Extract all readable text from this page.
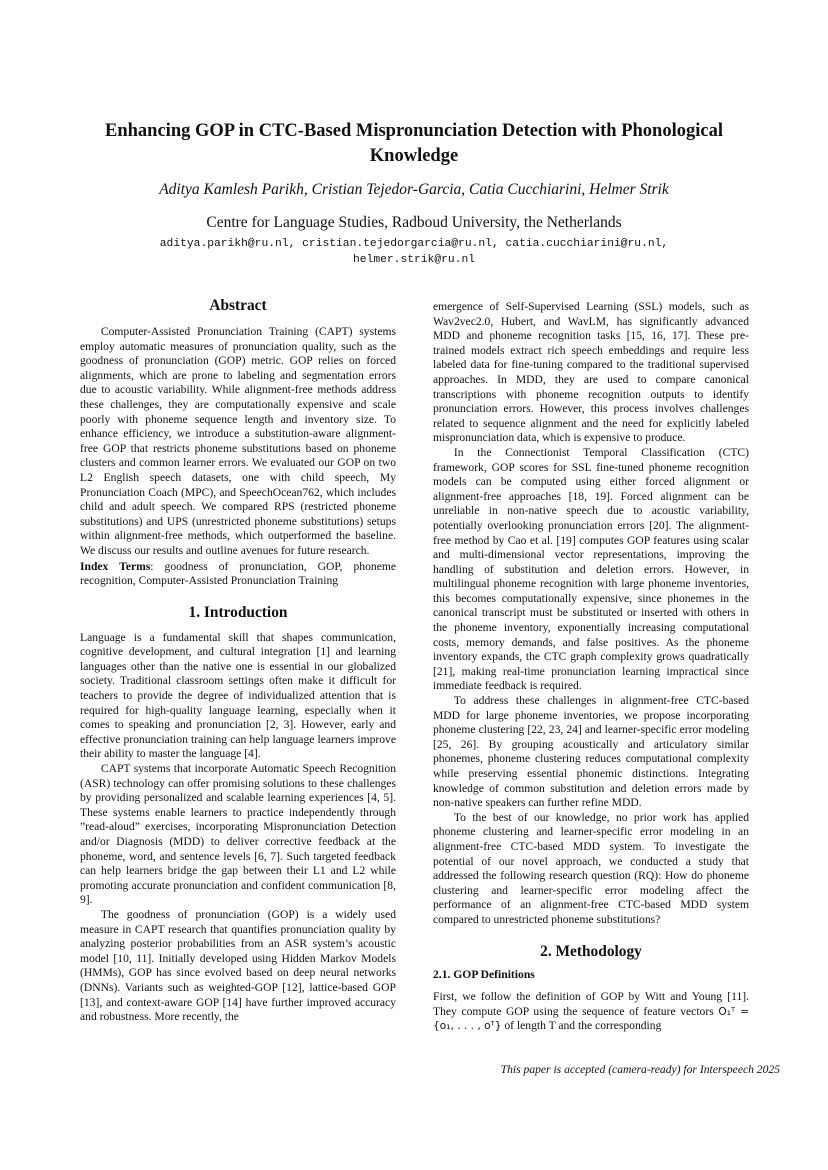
Enhancing GOP in CTC-Based Mispronunciation Detection with Phonological Knowledge
Aditya Kamlesh Parikh, Cristian Tejedor-Garcia, Catia Cucchiarini, Helmer Strik
Centre for Language Studies, Radboud University, the Netherlands
aditya.parikh@ru.nl, cristian.tejedorgarcia@ru.nl, catia.cucchiarini@ru.nl,
helmer.strik@ru.nl
Abstract

Computer-Assisted Pronunciation Training (CAPT) systems employ automatic measures of pronunciation quality, such as the goodness of pronunciation (GOP) metric. GOP relies on forced alignments, which are prone to labeling and segmentation errors due to acoustic variability. While alignment-free methods address these challenges, they are computationally expensive and scale poorly with phoneme sequence length and inventory size. To enhance efficiency, we introduce a substitution-aware alignment-free GOP that restricts phoneme substitutions based on phoneme clusters and common learner errors. We evaluated our GOP on two L2 English speech datasets, one with child speech, My Pronunciation Coach (MPC), and SpeechOcean762, which includes child and adult speech. We compared RPS (restricted phoneme substitutions) and UPS (unrestricted phoneme substitutions) setups within alignment-free methods, which outperformed the baseline. We discuss our results and outline avenues for future research.

Index Terms: goodness of pronunciation, GOP, phoneme recognition, Computer-Assisted Pronunciation Training

1. Introduction

Language is a fundamental skill that shapes communication, cognitive development, and cultural integration [1] and learning languages other than the native one is essential in our globalized society. Traditional classroom settings often make it difficult for teachers to provide the degree of individualized attention that is required for high-quality language learning, especially when it comes to speaking and pronunciation [2, 3]. However, early and effective pronunciation training can help language learners improve their ability to master the language [4].

CAPT systems that incorporate Automatic Speech Recognition (ASR) technology can offer promising solutions to these challenges by providing personalized and scalable learning experiences [4, 5]. These systems enable learners to practice independently through ”read-aloud” exercises, incorporating Mispronunciation Detection and/or Diagnosis (MDD) to deliver corrective feedback at the phoneme, word, and sentence levels [6, 7]. Such targeted feedback can help learners bridge the gap between their L1 and L2 while promoting accurate pronunciation and confident communication [8, 9].

The goodness of pronunciation (GOP) is a widely used measure in CAPT research that quantifies pronunciation quality by analyzing posterior probabilities from an ASR system’s acoustic model [10, 11]. Initially developed using Hidden Markov Models (HMMs), GOP has since evolved based on deep neural networks (DNNs). Variants such as weighted-GOP [12], lattice-based GOP [13], and context-aware GOP [14] have further improved accuracy and robustness. More recently, the

emergence of Self-Supervised Learning (SSL) models, such as Wav2vec2.0, Hubert, and WavLM, has significantly advanced MDD and phoneme recognition tasks [15, 16, 17]. These pre-trained models extract rich speech embeddings and require less labeled data for fine-tuning compared to the traditional supervised approaches. In MDD, they are used to compare canonical transcriptions with phoneme recognition outputs to identify pronunciation errors. However, this process involves challenges related to sequence alignment and the need for explicitly labeled mispronunciation data, which is expensive to produce.

In the Connectionist Temporal Classification (CTC) framework, GOP scores for SSL fine-tuned phoneme recognition models can be computed using either forced alignment or alignment-free approaches [18, 19]. Forced alignment can be unreliable in non-native speech due to acoustic variability, potentially overlooking pronunciation errors [20]. The alignment-free method by Cao et al. [19] computes GOP features using scalar and multi-dimensional vector representations, improving the handling of substitution and deletion errors. However, in multilingual phoneme recognition with large phoneme inventories, this becomes computationally expensive, since phonemes in the canonical transcript must be substituted or inserted with others in the phoneme inventory, exponentially increasing computational costs, memory demands, and false positives. As the phoneme inventory expands, the CTC graph complexity grows quadratically [21], making real-time pronunciation learning impractical since immediate feedback is required.

To address these challenges in alignment-free CTC-based MDD for large phoneme inventories, we propose incorporating phoneme clustering [22, 23, 24] and learner-specific error modeling [25, 26]. By grouping acoustically and articulatory similar phonemes, phoneme clustering reduces computational complexity while preserving essential phonemic distinctions. Integrating knowledge of common substitution and deletion errors made by non-native speakers can further refine MDD.

To the best of our knowledge, no prior work has applied phoneme clustering and learner-specific error modeling in an alignment-free CTC-based MDD system. To investigate the potential of our novel approach, we conducted a study that addressed the following research question (RQ): How do phoneme clustering and learner-specific error modeling affect the performance of an alignment-free CTC-based MDD system compared to unrestricted phoneme substitutions?

2. Methodology
2.1. GOP Definitions

First, we follow the definition of GOP by Witt and Young [11]. They compute GOP using the sequence of feature vectors O₁ᵀ = {o₁, . . . , oᵀ} of length T and the corresponding

This paper is accepted (camera-ready) for Interspeech 2025
